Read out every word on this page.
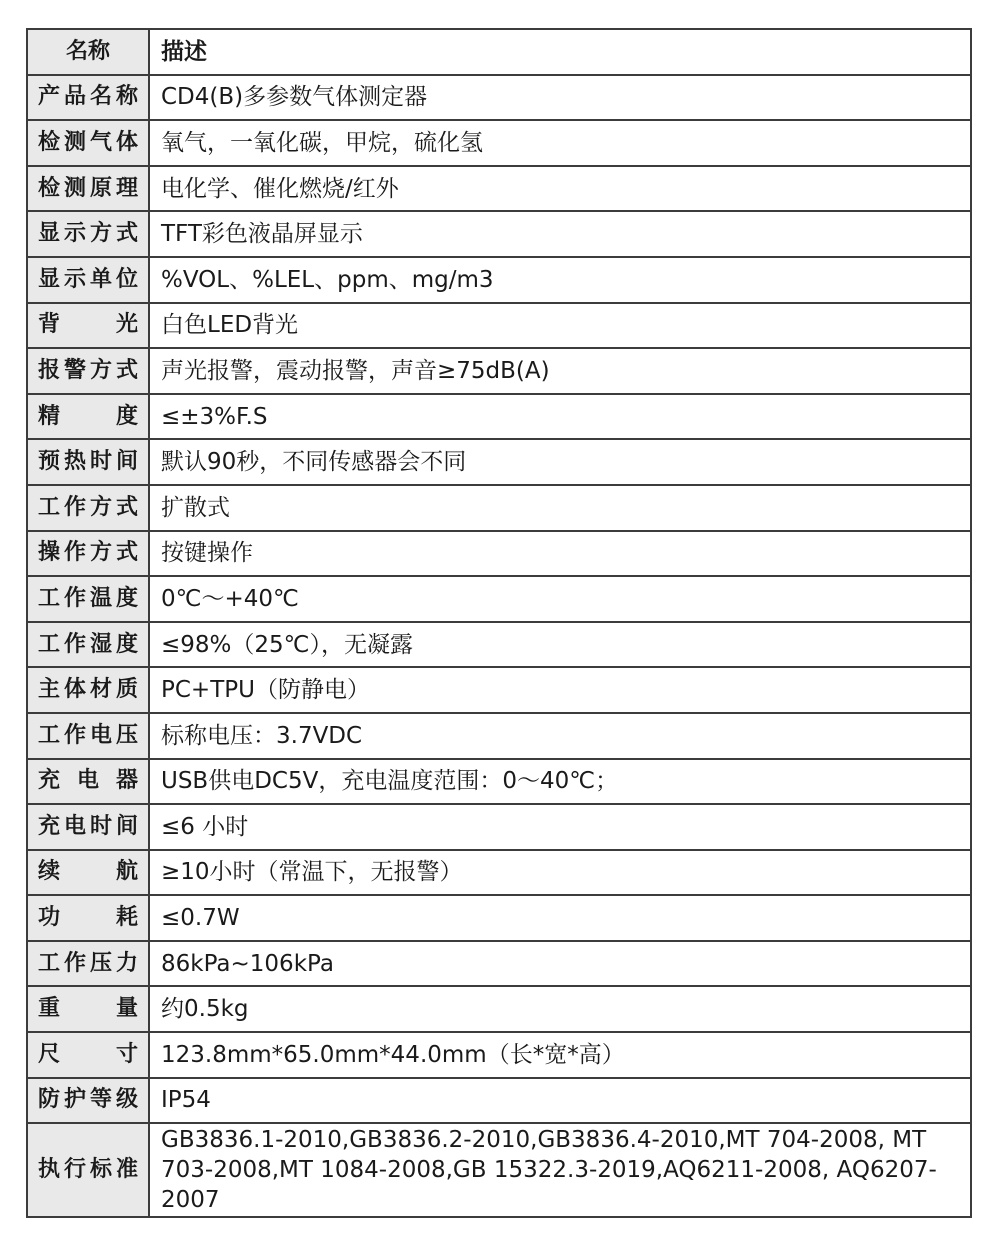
名称	描述
产品名称	CD4(B)多参数气体测定器
检测气体	氧气，一氧化碳，甲烷，硫化氢
检测原理	电化学、催化燃烧/红外
显示方式	TFT彩色液晶屏显示
显示单位	%VOL、%LEL、ppm、mg/m3
背光	白色LED背光
报警方式	声光报警，震动报警，声音≥75dB(A)
精度	≤±3%F.S
预热时间	默认90秒，不同传感器会不同
工作方式	扩散式
操作方式	按键操作
工作温度	0℃～+40℃
工作湿度	≤98%（25℃），无凝露
主体材质	PC+TPU（防静电）
工作电压	标称电压：3.7VDC
充电器	USB供电DC5V，充电温度范围：0～40℃；
充电时间	≤6 小时
续航	≥10小时（常温下，无报警）
功耗	≤0.7W
工作压力	86kPa~106kPa
重量	约0.5kg
尺寸	123.8mm*65.0mm*44.0mm（长*宽*高）
防护等级	IP54
执行标准	GB3836.1-2010,GB3836.2-2010,GB3836.4-2010,MT 704-2008, MT 703-2008,MT 1084-2008,GB 15322.3-2019,AQ6211-2008, AQ6207-2007
